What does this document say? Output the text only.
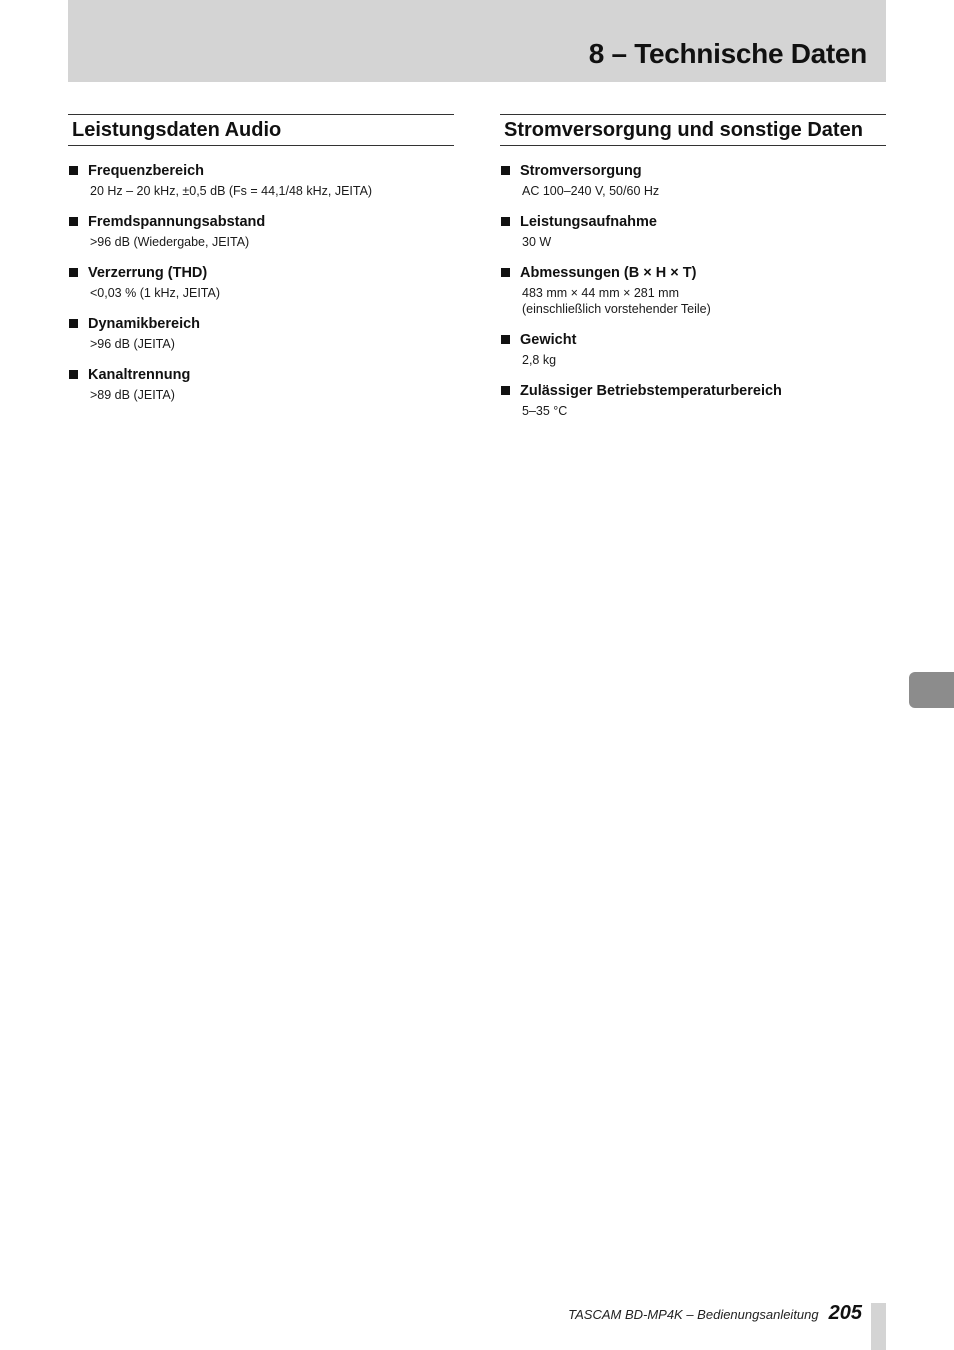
8 – Technische Daten
Leistungsdaten Audio
Frequenzbereich
20 Hz – 20 kHz, ±0,5 dB (Fs = 44,1/48 kHz, JEITA)
Fremdspannungsabstand
>96 dB (Wiedergabe, JEITA)
Verzerrung (THD)
<0,03 % (1 kHz, JEITA)
Dynamikbereich
>96 dB (JEITA)
Kanaltrennung
>89 dB (JEITA)
Stromversorgung und sonstige Daten
Stromversorgung
AC 100–240 V, 50/60 Hz
Leistungsaufnahme
30 W
Abmessungen (B × H × T)
483 mm × 44 mm × 281 mm
(einschließlich vorstehender Teile)
Gewicht
2,8 kg
Zulässiger Betriebstemperaturbereich
5–35 °C
TASCAM BD-MP4K – Bedienungsanleitung 205
